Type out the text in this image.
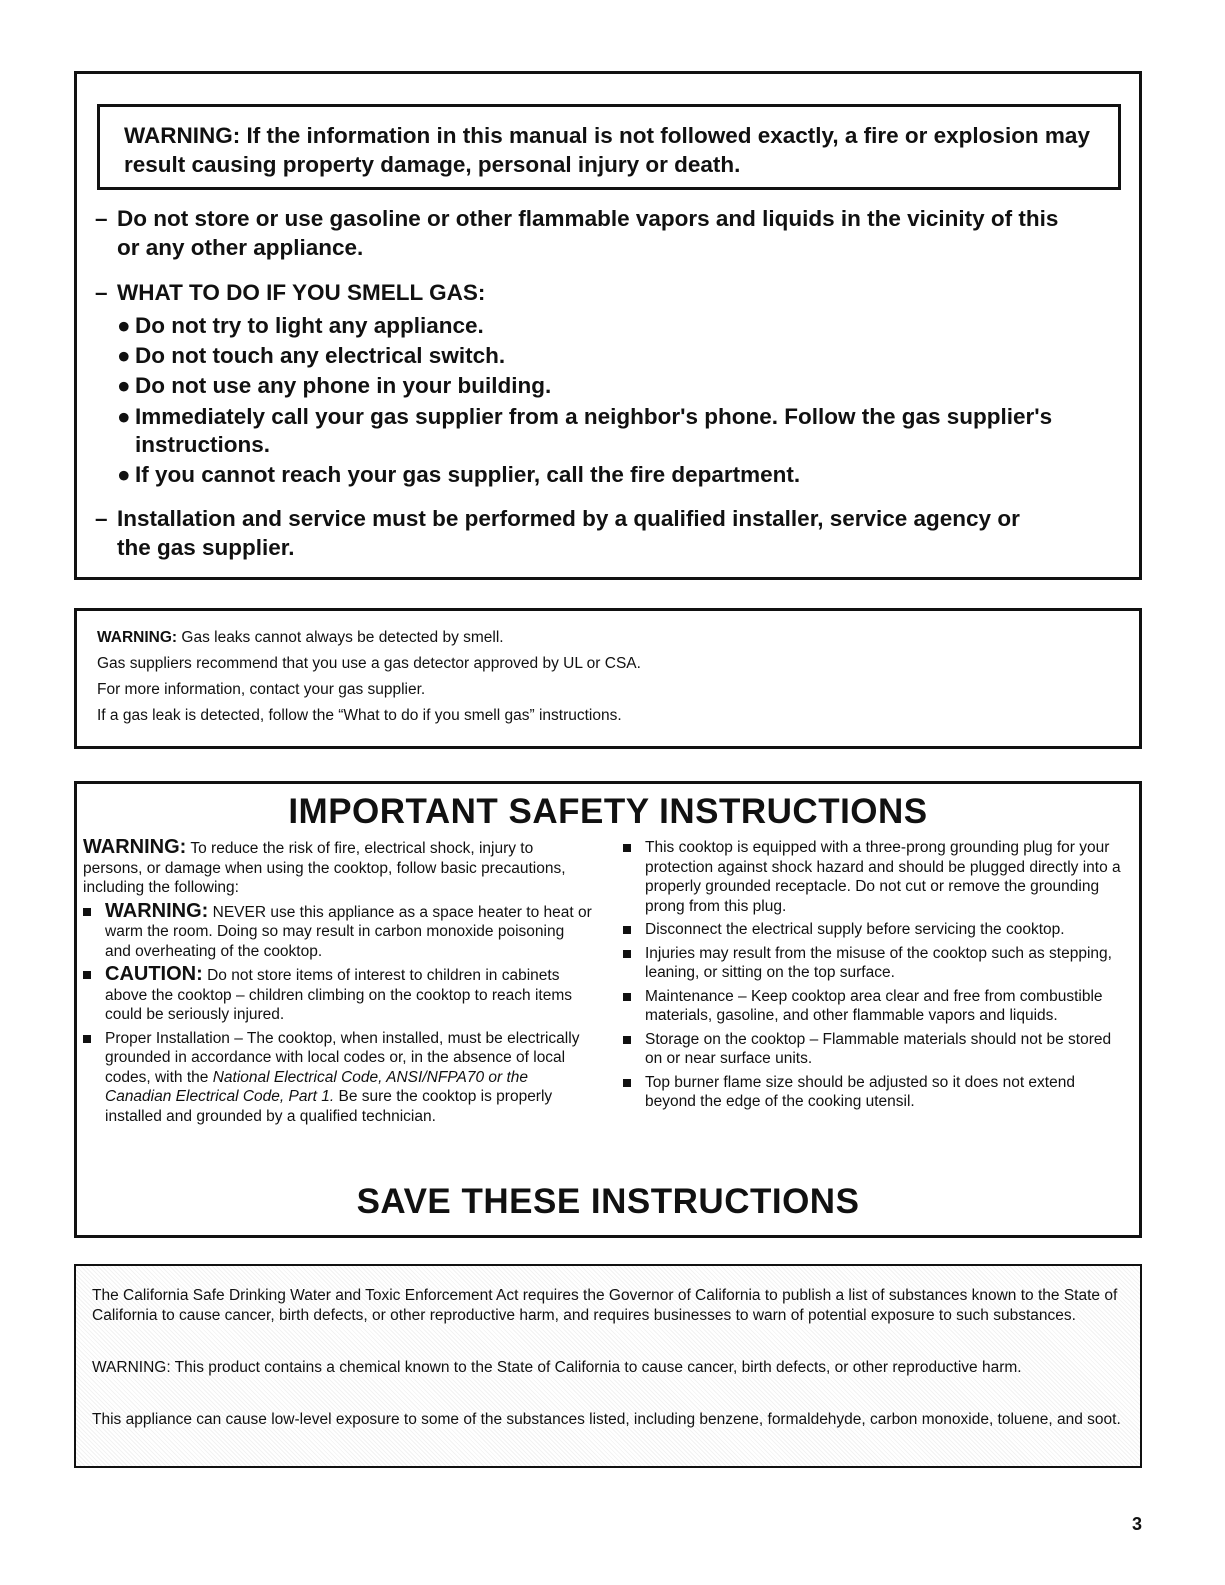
WARNING: If the information in this manual is not followed exactly, a fire or explosion may result causing property damage, personal injury or death.

– Do not store or use gasoline or other flammable vapors and liquids in the vicinity of this

or any other appliance.

– WHAT TO DO IF YOU SMELL GAS:

● Do not try to light any appliance.

● Do not touch any electrical switch.

● Do not use any phone in your building.

● Immediately call your gas supplier from a neighbor's phone. Follow the gas supplier's

instructions.

● If you cannot reach your gas supplier, call the fire department.

– Installation and service must be performed by a qualified installer, service agency or

the gas supplier.

WARNING: Gas leaks cannot always be detected by smell.

Gas suppliers recommend that you use a gas detector approved by UL or CSA.

For more information, contact your gas supplier.

If a gas leak is detected, follow the “What to do if you smell gas” instructions.

IMPORTANT SAFETY INSTRUCTIONS

WARNING: To reduce the risk of fire, electrical shock, injury to persons, or damage when using the cooktop, follow basic precautions, including the following:

WARNING: NEVER use this appliance as a space heater to heat or warm the room. Doing so may result in carbon monoxide poisoning and overheating of the cooktop.

CAUTION: Do not store items of interest to children in cabinets above the cooktop – children climbing on the cooktop to reach items could be seriously injured.

Proper Installation – The cooktop, when installed, must be electrically grounded in accordance with local codes or, in the absence of local codes, with the National Electrical Code, ANSI/NFPA70 or the Canadian Electrical Code, Part 1. Be sure the cooktop is properly installed and grounded by a qualified technician.

This cooktop is equipped with a three-prong grounding plug for your protection against shock hazard and should be plugged directly into a properly grounded receptacle. Do not cut or remove the grounding prong from this plug.

Disconnect the electrical supply before servicing the cooktop.

Injuries may result from the misuse of the cooktop such as stepping, leaning, or sitting on the top surface.

Maintenance – Keep cooktop area clear and free from combustible materials, gasoline, and other flammable vapors and liquids.

Storage on the cooktop – Flammable materials should not be stored on or near surface units.

Top burner flame size should be adjusted so it does not extend beyond the edge of the cooking utensil.

SAVE THESE INSTRUCTIONS

The California Safe Drinking Water and Toxic Enforcement Act requires the Governor of California to publish a list of substances known to the State of California to cause cancer, birth defects, or other reproductive harm, and requires businesses to warn of potential exposure to such substances.

WARNING: This product contains a chemical known to the State of California to cause cancer, birth defects, or other reproductive harm.

This appliance can cause low-level exposure to some of the substances listed, including benzene, formaldehyde, carbon monoxide, toluene, and soot.

3
